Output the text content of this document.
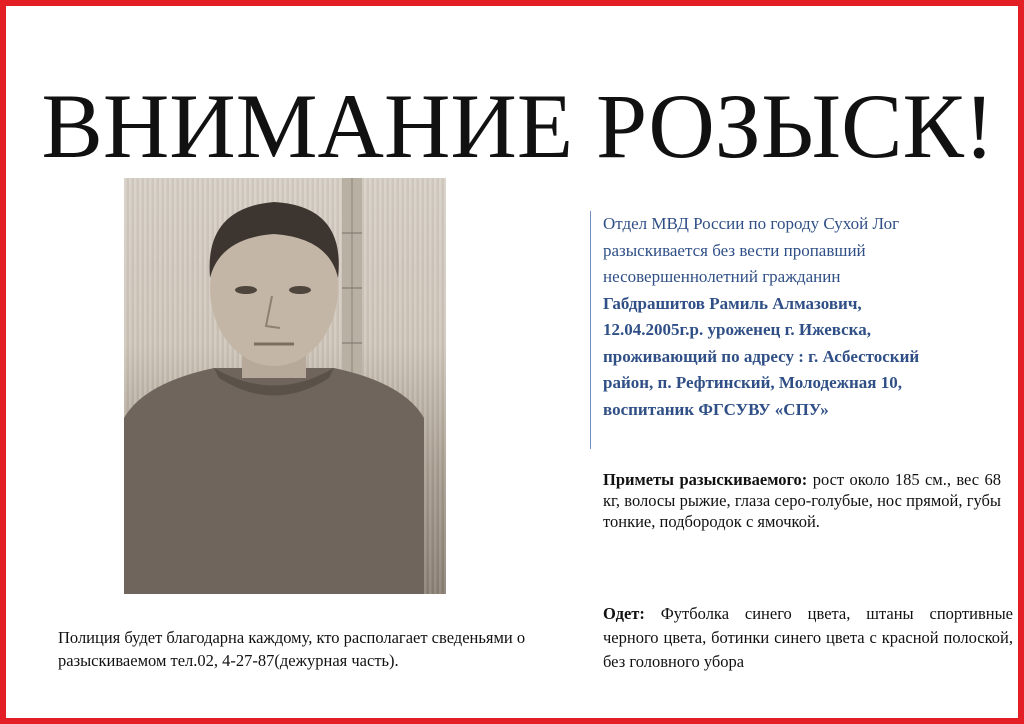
ВНИМАНИЕ РОЗЫСК!
Отдел МВД России по городу Сухой Лог
разыскивается без вести пропавший
несовершеннолетний гражданин
Габдрашитов Рамиль Алмазович,
12.04.2005г.р. уроженец г. Ижевска,
проживающий по адресу : г. Асбестоский
район, п. Рефтинский, Молодежная 10,
воспитаник ФГСУВУ «СПУ»
Приметы разыскиваемого: рост около 185 см., вес 68 кг, волосы рыжие, глаза серо-голубые, нос прямой, губы тонкие, подбородок с ямочкой.
Одет: Футболка синего цвета, штаны спортивные черного цвета, ботинки синего цвета с красной полоской, без головного убора
Полиция будет благодарна каждому, кто располагает сведеньями о разыскиваемом тел.02, 4-27-87(дежурная часть).
